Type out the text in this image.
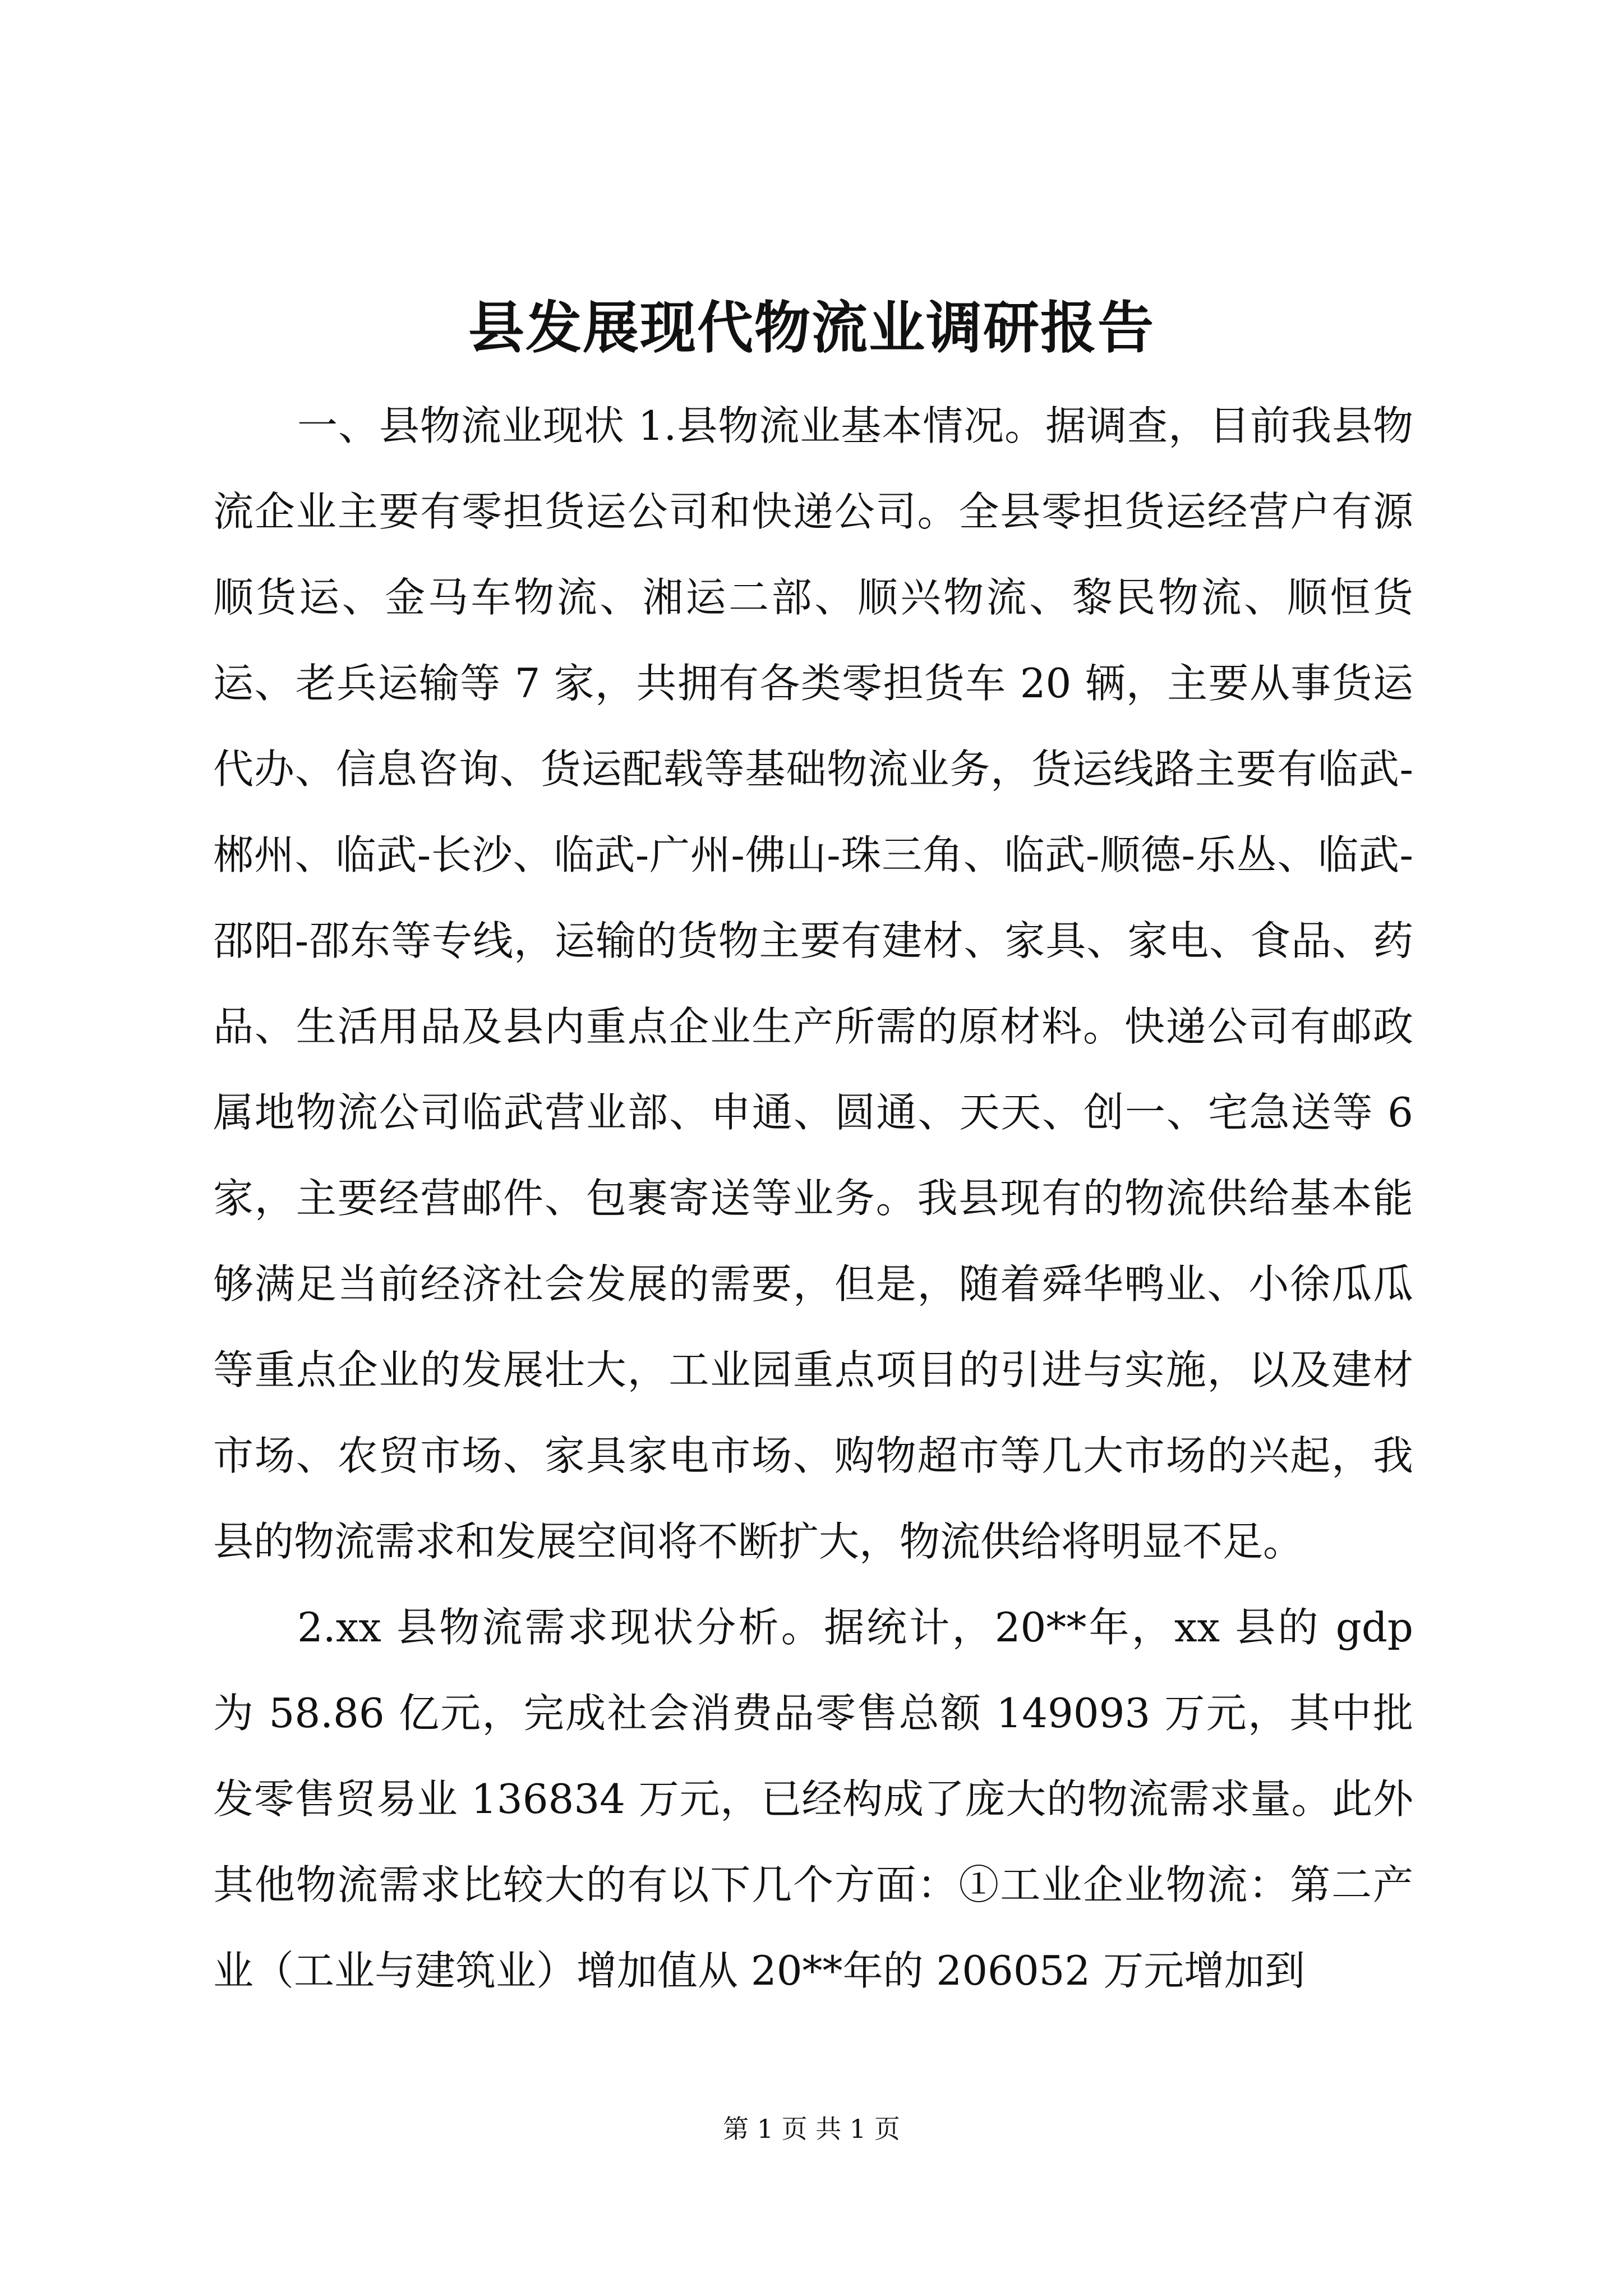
县发展现代物流业调研报告

一、县物流业现状 1.县物流业基本情况。据调查，目前我县物流企业主要有零担货运公司和快递公司。全县零担货运经营户有源顺货运、金马车物流、湘运二部、顺兴物流、黎民物流、顺恒货运、老兵运输等 7 家，共拥有各类零担货车 20 辆，主要从事货运代办、信息咨询、货运配载等基础物流业务，货运线路主要有临武-郴州、临武-长沙、临武-广州-佛山-珠三角、临武-顺德-乐丛、临武-邵阳-邵东等专线，运输的货物主要有建材、家具、家电、食品、药品、生活用品及县内重点企业生产所需的原材料。快递公司有邮政属地物流公司临武营业部、申通、圆通、天天、创一、宅急送等 6 家，主要经营邮件、包裹寄送等业务。我县现有的物流供给基本能够满足当前经济社会发展的需要，但是，随着舜华鸭业、小徐瓜瓜等重点企业的发展壮大，工业园重点项目的引进与实施，以及建材市场、农贸市场、家具家电市场、购物超市等几大市场的兴起，我县的物流需求和发展空间将不断扩大，物流供给将明显不足。

2.xx 县物流需求现状分析。据统计，20**年，xx 县的 gdp 为 58.86 亿元，完成社会消费品零售总额 149093 万元，其中批发零售贸易业 136834 万元，已经构成了庞大的物流需求量。此外其他物流需求比较大的有以下几个方面：①工业企业物流：第二产业（工业与建筑业）增加值从 20**年的 206052 万元增加到

第 1 页 共 1 页
